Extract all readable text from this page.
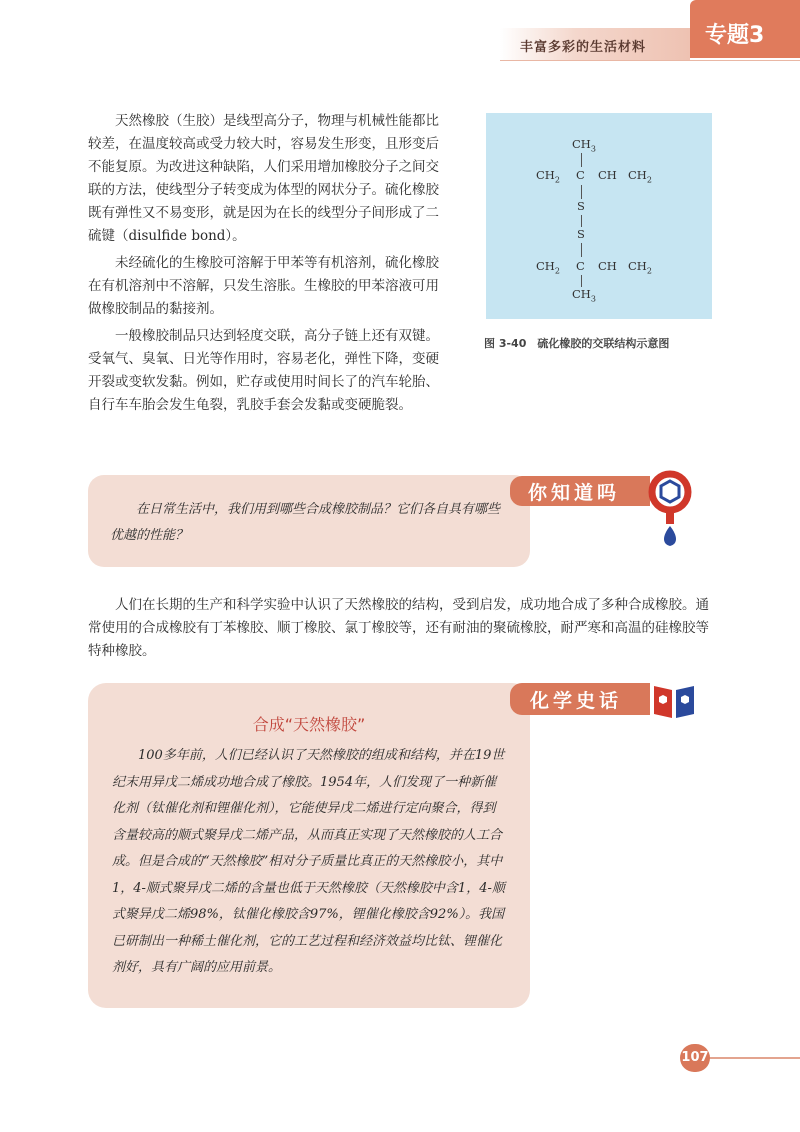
丰富多彩的生活材料	专题3

天然橡胶（生胶）是线型高分子，物理与机械性能都比较差，在温度较高或受力较大时，容易发生形变，且形变后不能复原。为改进这种缺陷，人们采用增加橡胶分子之间交联的方法，使线型分子转变成为体型的网状分子。硫化橡胶既有弹性又不易变形，就是因为在长的线型分子间形成了二硫键（disulfide bond）。

未经硫化的生橡胶可溶解于甲苯等有机溶剂，硫化橡胶在有机溶剂中不溶解，只发生溶胀。生橡胶的甲苯溶液可用做橡胶制品的黏接剂。

一般橡胶制品只达到轻度交联，高分子链上还有双键。受氧气、臭氧、日光等作用时，容易老化，弹性下降，变硬开裂或变软发黏。例如，贮存或使用时间长了的汽车轮胎、自行车车胎会发生龟裂，乳胶手套会发黏或变硬脆裂。

$CH_3$
$CH_2$ C CH $CH_2$
S
S
$CH_2$ C CH $CH_2$
$CH_3$
图 3-40　硫化橡胶的交联结构示意图
你知道吗

在日常生活中，我们用到哪些合成橡胶制品？它们各自具有哪些优越的性能？

人们在长期的生产和科学实验中认识了天然橡胶的结构，受到启发，成功地合成了多种合成橡胶。通常使用的合成橡胶有丁苯橡胶、顺丁橡胶、氯丁橡胶等，还有耐油的聚硫橡胶，耐严寒和高温的硅橡胶等特种橡胶。

化学史话
合成“天然橡胶”

100多年前，人们已经认识了天然橡胶的组成和结构，并在19世纪末用异戊二烯成功地合成了橡胶。1954年，人们发现了一种新催化剂（钛催化剂和锂催化剂），它能使异戊二烯进行定向聚合，得到含量较高的顺式聚异戊二烯产品，从而真正实现了天然橡胶的人工合成。但是合成的“天然橡胶”相对分子质量比真正的天然橡胶小，其中1，4-顺式聚异戊二烯的含量也低于天然橡胶（天然橡胶中含1，4-顺式聚异戊二烯98%，钛催化橡胶含97%，锂催化橡胶含92%）。我国已研制出一种稀土催化剂，它的工艺过程和经济效益均比钛、锂催化剂好，具有广阔的应用前景。

107
